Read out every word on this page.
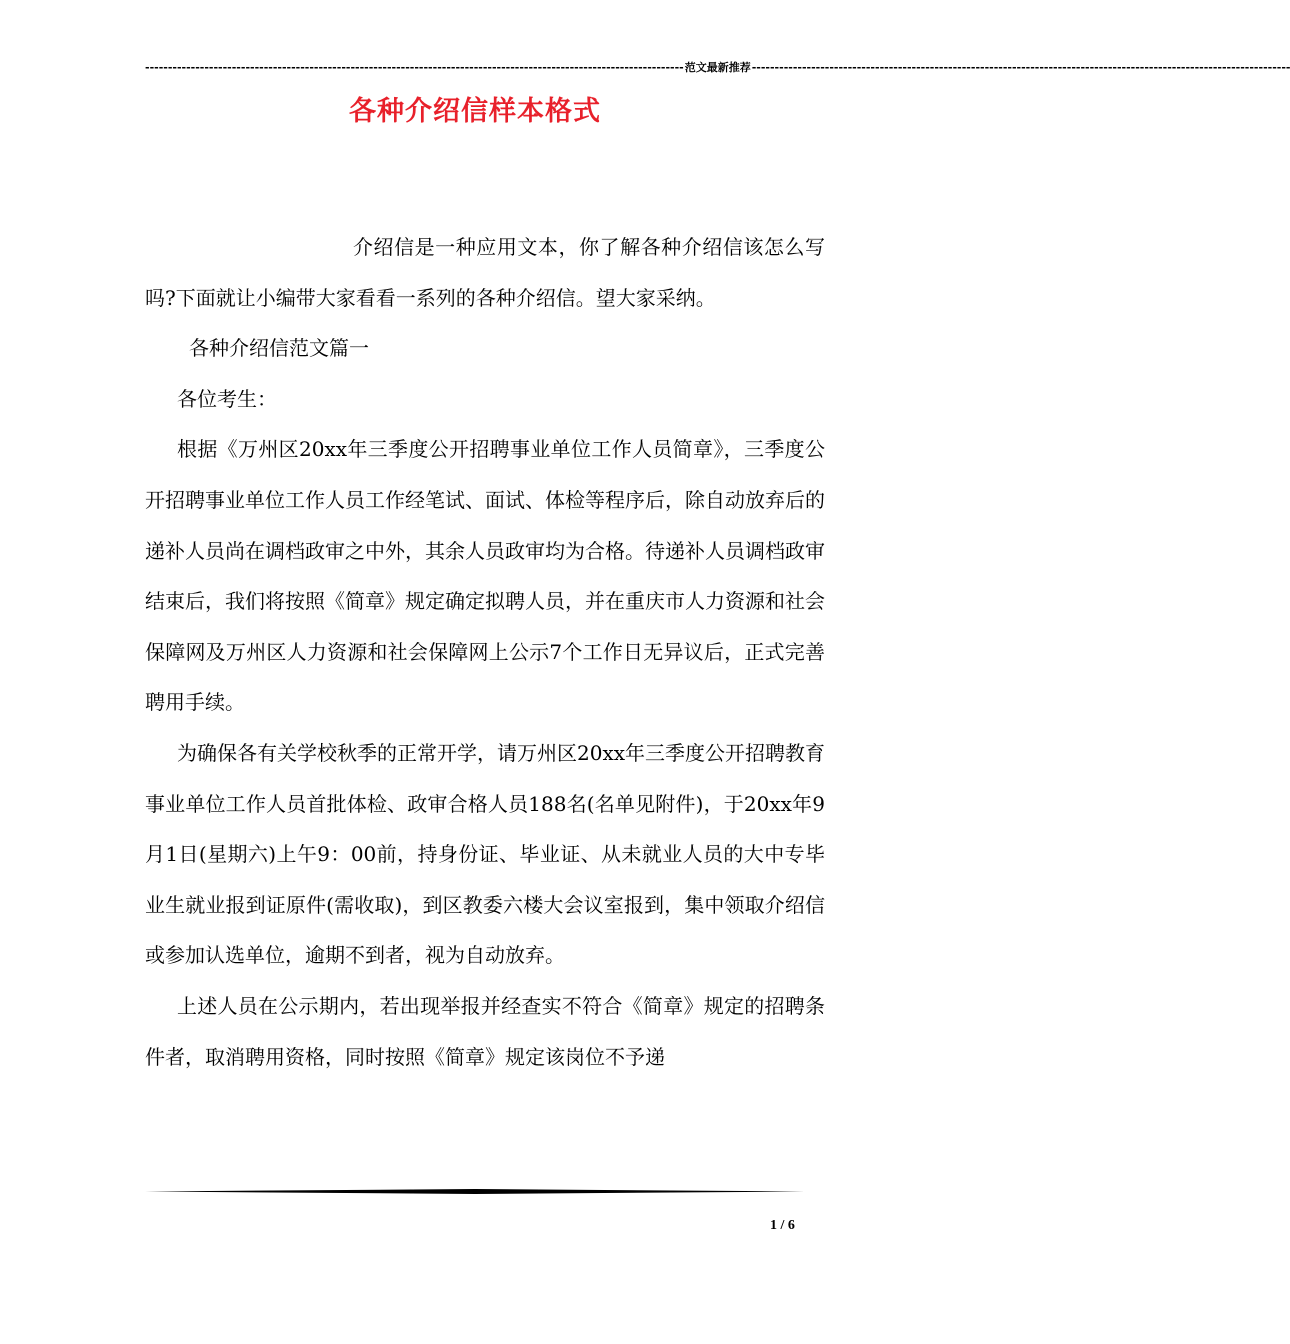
---------------------------------------------------------------------------------------------------------------------- 范文最新推荐 ----------------------------------------------------------------------------------------------------------------------
各种介绍信样本格式

介绍信是一种应用文本，你了解各种介绍信该怎么写吗?下面就让小编带大家看看一系列的各种介绍信。望大家采纳。

各种介绍信范文篇一

各位考生：

根据《万州区20xx年三季度公开招聘事业单位工作人员简章》，三季度公开招聘事业单位工作人员工作经笔试、面试、体检等程序后，除自动放弃后的递补人员尚在调档政审之中外，其余人员政审均为合格。待递补人员调档政审结束后，我们将按照《简章》规定确定拟聘人员，并在重庆市人力资源和社会保障网及万州区人力资源和社会保障网上公示7个工作日无异议后，正式完善聘用手续。

为确保各有关学校秋季的正常开学，请万州区20xx年三季度公开招聘教育事业单位工作人员首批体检、政审合格人员188名(名单见附件)，于20xx年9月1日(星期六)上午9：00前，持身份证、毕业证、从未就业人员的大中专毕业生就业报到证原件(需收取)，到区教委六楼大会议室报到，集中领取介绍信或参加认选单位，逾期不到者，视为自动放弃。

上述人员在公示期内，若出现举报并经查实不符合《简章》规定的招聘条件者，取消聘用资格，同时按照《简章》规定该岗位不予递

1 / 6
